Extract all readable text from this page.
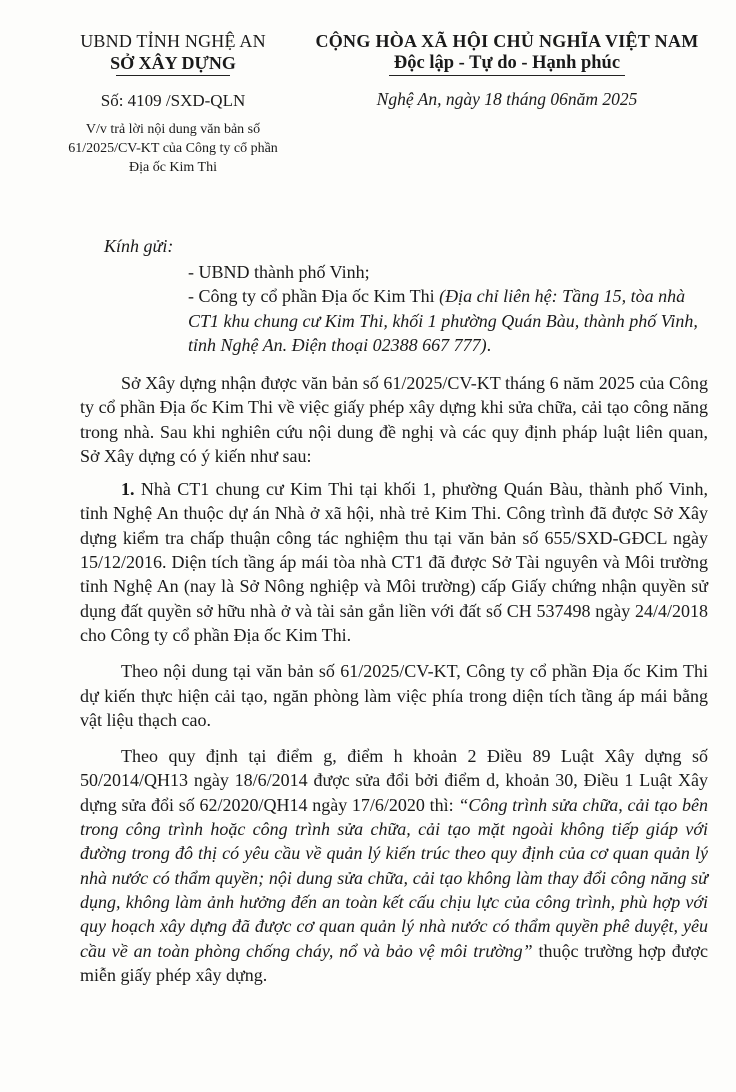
UBND TỈNH NGHỆ AN
SỞ XÂY DỰNG
CỘNG HÒA XÃ HỘI CHỦ NGHĨA VIỆT NAM
Độc lập - Tự do - Hạnh phúc
Số: 4109 /SXD-QLN	Nghệ An, ngày 18 tháng 06năm 2025
V/v trả lời nội dung văn bản số 61/2025/CV-KT của Công ty cổ phần Địa ốc Kim Thi
Kính gửi:
- UBND thành phố Vinh;
- Công ty cổ phần Địa ốc Kim Thi (Địa chỉ liên hệ: Tầng 15, tòa nhà CT1 khu chung cư Kim Thi, khối 1 phường Quán Bàu, thành phố Vinh, tỉnh Nghệ An. Điện thoại 02388 667 777).

Sở Xây dựng nhận được văn bản số 61/2025/CV-KT tháng 6 năm 2025 của Công ty cổ phần Địa ốc Kim Thi về việc giấy phép xây dựng khi sửa chữa, cải tạo công năng trong nhà. Sau khi nghiên cứu nội dung đề nghị và các quy định pháp luật liên quan, Sở Xây dựng có ý kiến như sau:

1. Nhà CT1 chung cư Kim Thi tại khối 1, phường Quán Bàu, thành phố Vinh, tỉnh Nghệ An thuộc dự án Nhà ở xã hội, nhà trẻ Kim Thi. Công trình đã được Sở Xây dựng kiểm tra chấp thuận công tác nghiệm thu tại văn bản số 655/SXD-GĐCL ngày 15/12/2016. Diện tích tầng áp mái tòa nhà CT1 đã được Sở Tài nguyên và Môi trường tỉnh Nghệ An (nay là Sở Nông nghiệp và Môi trường) cấp Giấy chứng nhận quyền sử dụng đất quyền sở hữu nhà ở và tài sản gắn liền với đất số CH 537498 ngày 24/4/2018 cho Công ty cổ phần Địa ốc Kim Thi.

Theo nội dung tại văn bản số 61/2025/CV-KT, Công ty cổ phần Địa ốc Kim Thi dự kiến thực hiện cải tạo, ngăn phòng làm việc phía trong diện tích tầng áp mái bằng vật liệu thạch cao.

Theo quy định tại điểm g, điểm h khoản 2 Điều 89 Luật Xây dựng số 50/2014/QH13 ngày 18/6/2014 được sửa đổi bởi điểm d, khoản 30, Điều 1 Luật Xây dựng sửa đổi số 62/2020/QH14 ngày 17/6/2020 thì: “Công trình sửa chữa, cải tạo bên trong công trình hoặc công trình sửa chữa, cải tạo mặt ngoài không tiếp giáp với đường trong đô thị có yêu cầu về quản lý kiến trúc theo quy định của cơ quan quản lý nhà nước có thẩm quyền; nội dung sửa chữa, cải tạo không làm thay đổi công năng sử dụng, không làm ảnh hưởng đến an toàn kết cấu chịu lực của công trình, phù hợp với quy hoạch xây dựng đã được cơ quan quản lý nhà nước có thẩm quyền phê duyệt, yêu cầu về an toàn phòng chống cháy, nổ và bảo vệ môi trường” thuộc trường hợp được miễn giấy phép xây dựng.
